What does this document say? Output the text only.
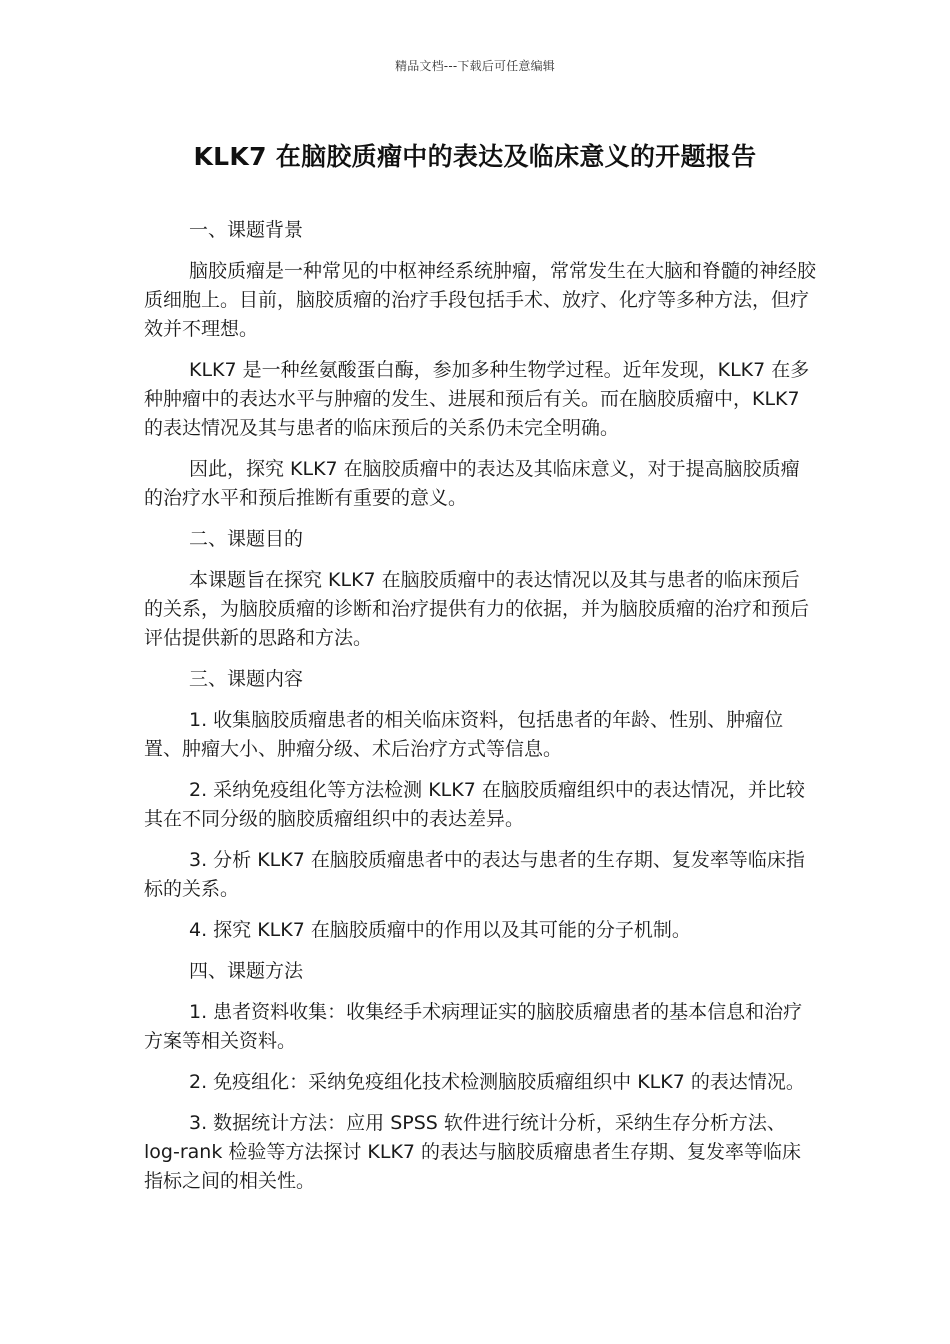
精品文档---下载后可任意编辑
KLK7 在脑胶质瘤中的表达及临床意义的开题报告

一、课题背景

脑胶质瘤是一种常见的中枢神经系统肿瘤，常常发生在大脑和脊髓的神经胶质细胞上。目前，脑胶质瘤的治疗手段包括手术、放疗、化疗等多种方法，但疗效并不理想。

KLK7 是一种丝氨酸蛋白酶，参加多种生物学过程。近年发现，KLK7 在多种肿瘤中的表达水平与肿瘤的发生、进展和预后有关。而在脑胶质瘤中，KLK7 的表达情况及其与患者的临床预后的关系仍未完全明确。

因此，探究 KLK7 在脑胶质瘤中的表达及其临床意义，对于提高脑胶质瘤的治疗水平和预后推断有重要的意义。

二、课题目的

本课题旨在探究 KLK7 在脑胶质瘤中的表达情况以及其与患者的临床预后的关系，为脑胶质瘤的诊断和治疗提供有力的依据，并为脑胶质瘤的治疗和预后评估提供新的思路和方法。

三、课题内容

1. 收集脑胶质瘤患者的相关临床资料，包括患者的年龄、性别、肿瘤位置、肿瘤大小、肿瘤分级、术后治疗方式等信息。

2. 采纳免疫组化等方法检测 KLK7 在脑胶质瘤组织中的表达情况，并比较其在不同分级的脑胶质瘤组织中的表达差异。

3. 分析 KLK7 在脑胶质瘤患者中的表达与患者的生存期、复发率等临床指标的关系。

4. 探究 KLK7 在脑胶质瘤中的作用以及其可能的分子机制。

四、课题方法

1. 患者资料收集：收集经手术病理证实的脑胶质瘤患者的基本信息和治疗方案等相关资料。

2. 免疫组化：采纳免疫组化技术检测脑胶质瘤组织中 KLK7 的表达情况。

3. 数据统计方法：应用 SPSS 软件进行统计分析，采纳生存分析方法、log-rank 检验等方法探讨 KLK7 的表达与脑胶质瘤患者生存期、复发率等临床指标之间的相关性。
